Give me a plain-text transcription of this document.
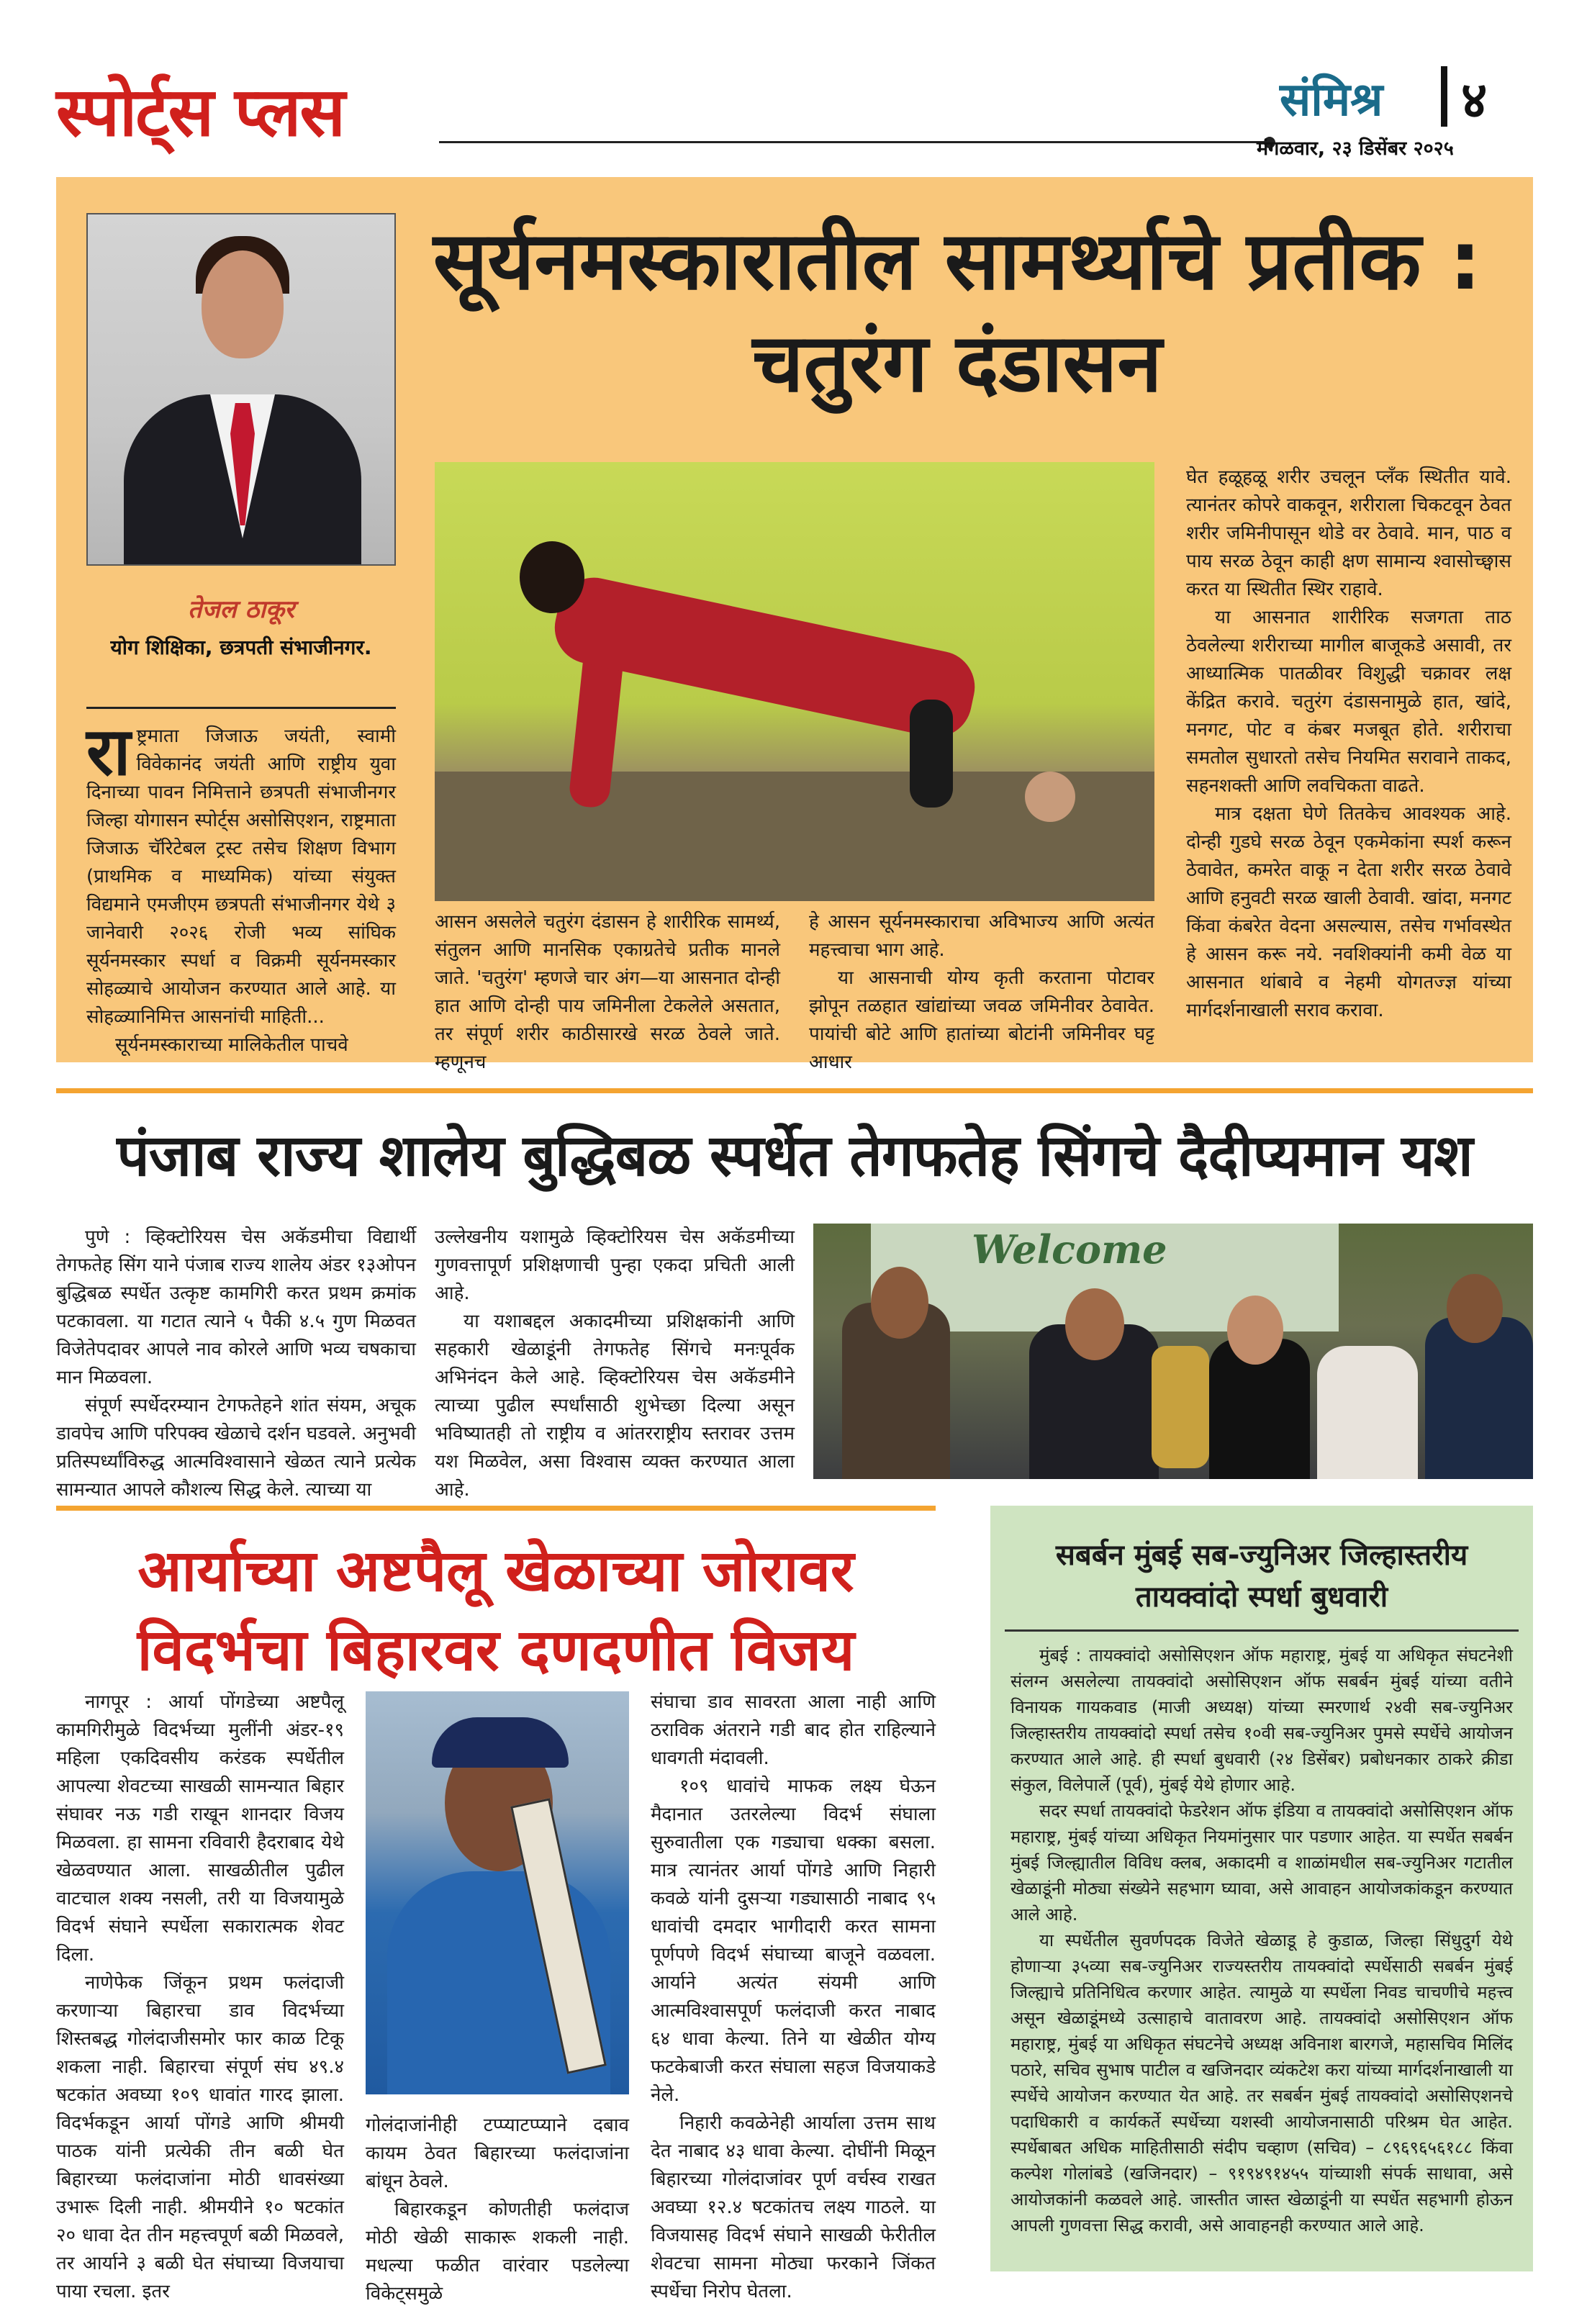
स्पोर्ट्स प्लस	संमिश्र ४
मंगळवार, २३ डिसेंबर २०२५
तेजल ठाकूर
योग शिक्षिका, छत्रपती संभाजीनगर.
सूर्यनमस्कारातील सामर्थ्याचे प्रतीक : चतुरंग दंडासन

राष्ट्रमाता जिजाऊ जयंती, स्वामी विवेकानंद जयंती आणि राष्ट्रीय युवा दिनाच्या पावन निमित्ताने छत्रपती संभाजीनगर जिल्हा योगासन स्पोर्ट्स असोसिएशन, राष्ट्रमाता जिजाऊ चॅरिटेबल ट्रस्ट तसेच शिक्षण विभाग (प्राथमिक व माध्यमिक) यांच्या संयुक्त विद्यमाने एमजीएम छत्रपती संभाजीनगर येथे ३ जानेवारी २०२६ रोजी भव्य सांघिक सूर्यनमस्कार स्पर्धा व विक्रमी सूर्यनमस्कार सोहळ्याचे आयोजन करण्यात आले आहे. या सोहळ्यानिमित्त आसनांची माहिती...

सूर्यनमस्काराच्या मालिकेतील पाचवे

आसन असलेले चतुरंग दंडासन हे शारीरिक सामर्थ्य, संतुलन आणि मानसिक एकाग्रतेचे प्रतीक मानले जाते. 'चतुरंग' म्हणजे चार अंग—या आसनात दोन्ही हात आणि दोन्ही पाय जमिनीला टेकलेले असतात, तर संपूर्ण शरीर काठीसारखे सरळ ठेवले जाते. म्हणूनच

हे आसन सूर्यनमस्काराचा अविभाज्य आणि अत्यंत महत्त्वाचा भाग आहे.

या आसनाची योग्य कृती करताना पोटावर झोपून तळहात खांद्यांच्या जवळ जमिनीवर ठेवावेत. पायांची बोटे आणि हातांच्या बोटांनी जमिनीवर घट्ट आधार

घेत हळूहळू शरीर उचलून प्लँक स्थितीत यावे. त्यानंतर कोपरे वाकवून, शरीराला चिकटवून ठेवत शरीर जमिनीपासून थोडे वर ठेवावे. मान, पाठ व पाय सरळ ठेवून काही क्षण सामान्य श्वासोच्छ्वास करत या स्थितीत स्थिर राहावे.

या आसनात शारीरिक सजगता ताठ ठेवलेल्या शरीराच्या मागील बाजूकडे असावी, तर आध्यात्मिक पातळीवर विशुद्धी चक्रावर लक्ष केंद्रित करावे. चतुरंग दंडासनामुळे हात, खांदे, मनगट, पोट व कंबर मजबूत होते. शरीराचा समतोल सुधारतो तसेच नियमित सरावाने ताकद, सहनशक्ती आणि लवचिकता वाढते.

मात्र दक्षता घेणे तितकेच आवश्यक आहे. दोन्ही गुडघे सरळ ठेवून एकमेकांना स्पर्श करून ठेवावेत, कमरेत वाकू न देता शरीर सरळ ठेवावे आणि हनुवटी सरळ खाली ठेवावी. खांदा, मनगट किंवा कंबरेत वेदना असल्यास, तसेच गर्भावस्थेत हे आसन करू नये. नवशिक्यांनी कमी वेळ या आसनात थांबावे व नेहमी योगतज्ज्ञ यांच्या मार्गदर्शनाखाली सराव करावा.

पंजाब राज्य शालेय बुद्धिबळ स्पर्धेत तेगफतेह सिंगचे दैदीप्यमान यश

पुणे : व्हिक्टोरियस चेस अकॅडमीचा विद्यार्थी तेगफतेह सिंग याने पंजाब राज्य शालेय अंडर १३ओपन बुद्धिबळ स्पर्धेत उत्कृष्ट कामगिरी करत प्रथम क्रमांक पटकावला. या गटात त्याने ५ पैकी ४.५ गुण मिळवत विजेतेपदावर आपले नाव कोरले आणि भव्य चषकाचा मान मिळवला.

संपूर्ण स्पर्धेदरम्यान टेगफतेहने शांत संयम, अचूक डावपेच आणि परिपक्व खेळाचे दर्शन घडवले. अनुभवी प्रतिस्पर्ध्यांविरुद्ध आत्मविश्वासाने खेळत त्याने प्रत्येक सामन्यात आपले कौशल्य सिद्ध केले. त्याच्या या

उल्लेखनीय यशामुळे व्हिक्टोरियस चेस अकॅडमीच्या गुणवत्तापूर्ण प्रशिक्षणाची पुन्हा एकदा प्रचिती आली आहे.

या यशाबद्दल अकादमीच्या प्रशिक्षकांनी आणि सहकारी खेळाडूंनी तेगफतेह सिंगचे मनःपूर्वक अभिनंदन केले आहे. व्हिक्टोरियस चेस अकॅडमीने त्याच्या पुढील स्पर्धांसाठी शुभेच्छा दिल्या असून भविष्यातही तो राष्ट्रीय व आंतरराष्ट्रीय स्तरावर उत्तम यश मिळवेल, असा विश्वास व्यक्त करण्यात आला आहे.

Welcome
आर्याच्या अष्टपैलू खेळाच्या जोरावर विदर्भचा बिहारवर दणदणीत विजय

नागपूर : आर्या पोंगडेच्या अष्टपैलू कामगिरीमुळे विदर्भच्या मुलींनी अंडर-१९ महिला एकदिवसीय करंडक स्पर्धेतील आपल्या शेवटच्या साखळी सामन्यात बिहार संघावर नऊ गडी राखून शानदार विजय मिळवला. हा सामना रविवारी हैदराबाद येथे खेळवण्यात आला. साखळीतील पुढील वाटचाल शक्य नसली, तरी या विजयामुळे विदर्भ संघाने स्पर्धेला सकारात्मक शेवट दिला.

नाणेफेक जिंकून प्रथम फलंदाजी करणाऱ्या बिहारचा डाव विदर्भच्या शिस्तबद्ध गोलंदाजीसमोर फार काळ टिकू शकला नाही. बिहारचा संपूर्ण संघ ४९.४ षटकांत अवघ्या १०९ धावांत गारद झाला. विदर्भकडून आर्या पोंगडे आणि श्रीमयी पाठक यांनी प्रत्येकी तीन बळी घेत बिहारच्या फलंदाजांना मोठी धावसंख्या उभारू दिली नाही. श्रीमयीने १० षटकांत २० धावा देत तीन महत्त्वपूर्ण बळी मिळवले, तर आर्याने ३ बळी घेत संघाच्या विजयाचा पाया रचला. इतर

गोलंदाजांनीही टप्प्याटप्प्याने दबाव कायम ठेवत बिहारच्या फलंदाजांना बांधून ठेवले.

बिहारकडून कोणतीही फलंदाज मोठी खेळी साकारू शकली नाही. मधल्या फळीत वारंवार पडलेल्या विकेट्समुळे

संघाचा डाव सावरता आला नाही आणि ठराविक अंतराने गडी बाद होत राहिल्याने धावगती मंदावली.

१०९ धावांचे माफक लक्ष्य घेऊन मैदानात उतरलेल्या विदर्भ संघाला सुरुवातीला एक गड्याचा धक्का बसला. मात्र त्यानंतर आर्या पोंगडे आणि निहारी कवळे यांनी दुसऱ्या गड्यासाठी नाबाद ९५ धावांची दमदार भागीदारी करत सामना पूर्णपणे विदर्भ संघाच्या बाजूने वळवला. आर्याने अत्यंत संयमी आणि आत्मविश्वासपूर्ण फलंदाजी करत नाबाद ६४ धावा केल्या. तिने या खेळीत योग्य फटकेबाजी करत संघाला सहज विजयाकडे नेले.

निहारी कवळेनेही आर्याला उत्तम साथ देत नाबाद ४३ धावा केल्या. दोघींनी मिळून बिहारच्या गोलंदाजांवर पूर्ण वर्चस्व राखत अवघ्या १२.४ षटकांतच लक्ष्य गाठले. या विजयासह विदर्भ संघाने साखळी फेरीतील शेवटचा सामना मोठ्या फरकाने जिंकत स्पर्धेचा निरोप घेतला.

सबर्बन मुंबई सब-ज्युनिअर जिल्हास्तरीय तायक्वांदो स्पर्धा बुधवारी

मुंबई : तायक्वांदो असोसिएशन ऑफ महाराष्ट्र, मुंबई या अधिकृत संघटनेशी संलग्न असलेल्या तायक्वांदो असोसिएशन ऑफ सबर्बन मुंबई यांच्या वतीने विनायक गायकवाड (माजी अध्यक्ष) यांच्या स्मरणार्थ २४वी सब-ज्युनिअर जिल्हास्तरीय तायक्वांदो स्पर्धा तसेच १०वी सब-ज्युनिअर पुमसे स्पर्धेचे आयोजन करण्यात आले आहे. ही स्पर्धा बुधवारी (२४ डिसेंबर) प्रबोधनकार ठाकरे क्रीडा संकुल, विलेपार्ले (पूर्व), मुंबई येथे होणार आहे.

सदर स्पर्धा तायक्वांदो फेडरेशन ऑफ इंडिया व तायक्वांदो असोसिएशन ऑफ महाराष्ट्र, मुंबई यांच्या अधिकृत नियमांनुसार पार पडणार आहेत. या स्पर्धेत सबर्बन मुंबई जिल्ह्यातील विविध क्लब, अकादमी व शाळांमधील सब-ज्युनिअर गटातील खेळाडूंनी मोठ्या संख्येने सहभाग घ्यावा, असे आवाहन आयोजकांकडून करण्यात आले आहे.

या स्पर्धेतील सुवर्णपदक विजेते खेळाडू हे कुडाळ, जिल्हा सिंधुदुर्ग येथे होणाऱ्या ३५व्या सब-ज्युनिअर राज्यस्तरीय तायक्वांदो स्पर्धेसाठी सबर्बन मुंबई जिल्ह्याचे प्रतिनिधित्व करणार आहेत. त्यामुळे या स्पर्धेला निवड चाचणीचे महत्त्व असून खेळाडूंमध्ये उत्साहाचे वातावरण आहे. तायक्वांदो असोसिएशन ऑफ महाराष्ट्र, मुंबई या अधिकृत संघटनेचे अध्यक्ष अविनाश बारगजे, महासचिव मिलिंद पठारे, सचिव सुभाष पाटील व खजिनदार व्यंकटेश करा यांच्या मार्गदर्शनाखाली या स्पर्धेचे आयोजन करण्यात येत आहे. तर सबर्बन मुंबई तायक्वांदो असोसिएशनचे पदाधिकारी व कार्यकर्ते स्पर्धेच्या यशस्वी आयोजनासाठी परिश्रम घेत आहेत. स्पर्धेबाबत अधिक माहितीसाठी संदीप चव्हाण (सचिव) – ८९६९६५६१८८ किंवा कल्पेश गोलांबडे (खजिनदार) – ९१९४९१४५५ यांच्याशी संपर्क साधावा, असे आयोजकांनी कळवले आहे. जास्तीत जास्त खेळाडूंनी या स्पर्धेत सहभागी होऊन आपली गुणवत्ता सिद्ध करावी, असे आवाहनही करण्यात आले आहे.
